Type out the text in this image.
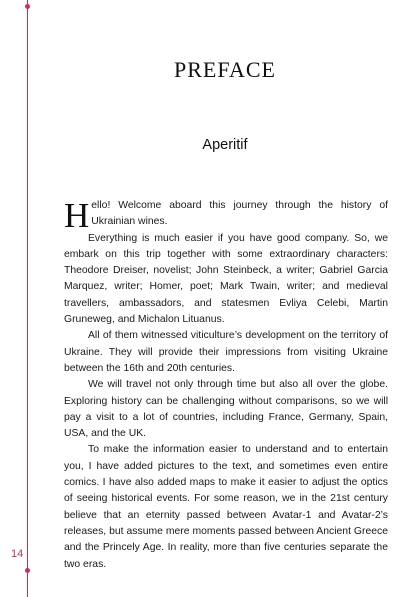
14
PREFACE
Aperitif

Hello! Welcome aboard this journey through the history of Ukrainian wines.

Everything is much easier if you have good company. So, we embark on this trip together with some extraordinary characters: Theodore Dreiser, novelist; John Steinbeck, a writer; Gabriel Garcia Marquez, writer; Homer, poet; Mark Twain, writer; and medieval travellers, ambassadors, and statesmen Evliya Celebi, Martin Gruneweg, and Michalon Lituanus.

All of them witnessed viticulture’s development on the territory of Ukraine. They will provide their impressions from visiting Ukraine between the 16th and 20th centuries.

We will travel not only through time but also all over the globe. Exploring history can be challenging without comparisons, so we will pay a visit to a lot of countries, including France, Germany, Spain, USA, and the UK.

To make the information easier to understand and to entertain you, I have added pictures to the text, and sometimes even entire comics. I have also added maps to make it easier to adjust the optics of seeing historical events. For some reason, we in the 21st century believe that an eternity passed between Avatar-1 and Avatar-2’s releases, but assume mere moments passed between Ancient Greece and the Princely Age. In reality, more than five centuries separate the two eras.
